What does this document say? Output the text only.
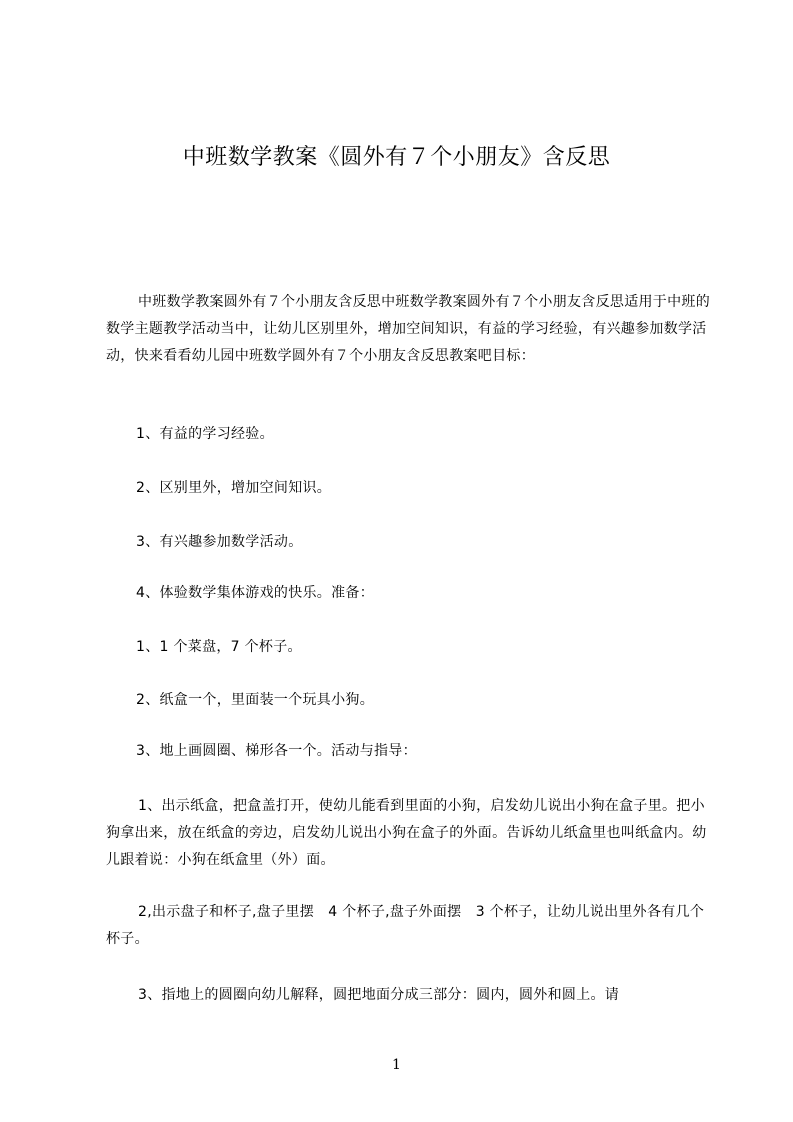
中班数学教案《圆外有７个小朋友》含反思
中班数学教案圆外有７个小朋友含反思中班数学教案圆外有７个小朋友含反思适用于中班的数学主题教学活动当中，让幼儿区别里外，增加空间知识，有益的学习经验，有兴趣参加数学活动，快来看看幼儿园中班数学圆外有７个小朋友含反思教案吧目标：
1、有益的学习经验。
2、区别里外，增加空间知识。
3、有兴趣参加数学活动。
4、体验数学集体游戏的快乐。准备：
1、1 个菜盘，7 个杯子。
2、纸盒一个，里面装一个玩具小狗。
3、地上画圆圈、梯形各一个。活动与指导：
1、出示纸盒，把盒盖打开，使幼儿能看到里面的小狗，启发幼儿说出小狗在盒子里。把小狗拿出来，放在纸盒的旁边，启发幼儿说出小狗在盒子的外面。告诉幼儿纸盒里也叫纸盒内。幼儿跟着说：小狗在纸盒里（外）面。
2,出示盘子和杯子,盘子里摆　4 个杯子,盘子外面摆　3 个杯子，让幼儿说出里外各有几个杯子。
3、指地上的圆圈向幼儿解释，圆把地面分成三部分：圆内，圆外和圆上。请
1
